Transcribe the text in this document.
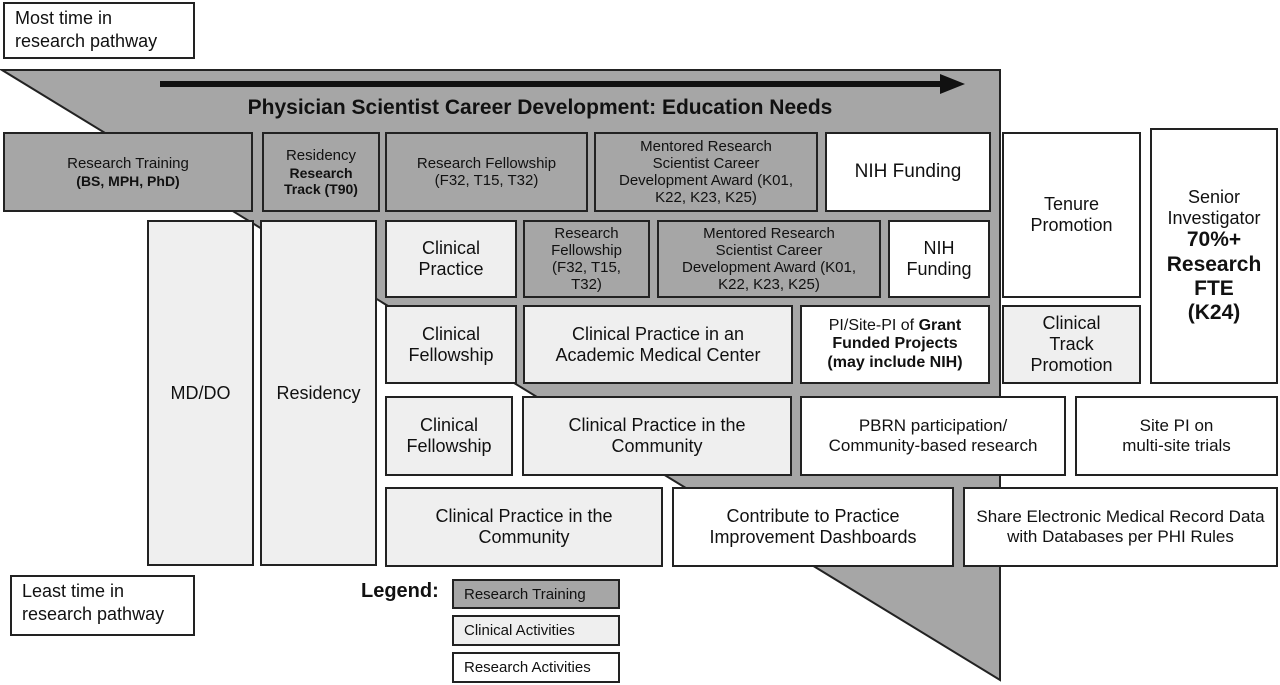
Most time in research pathway
Physician Scientist Career Development: Education Needs
Research Training
(BS, MPH, PhD)
Residency
Research Track (T90)
Research Fellowship
(F32, T15, T32)
Mentored Research Scientist Career Development Award (K01, K22, K23, K25)
NIH Funding
Tenure Promotion
Senior Investigator
70%+ Research
FTE
(K24)
MD/DO	Residency
Clinical Practice
Research Fellowship (F32, T15, T32)
Mentored Research Scientist Career Development Award (K01, K22, K23, K25)
NIH Funding
Clinical Fellowship
Clinical Practice in an Academic Medical Center
PI/Site-PI of Grant
Funded Projects
(may include NIH)
Clinical Track Promotion
Clinical Fellowship
Clinical Practice in the Community
PBRN participation/
Community-based research
Site PI on
multi-site trials
Clinical Practice in the Community
Contribute to Practice Improvement Dashboards
Share Electronic Medical Record Data with Databases per PHI Rules
Least time in research pathway
Legend: Research Training
Clinical Activities
Research Activities
